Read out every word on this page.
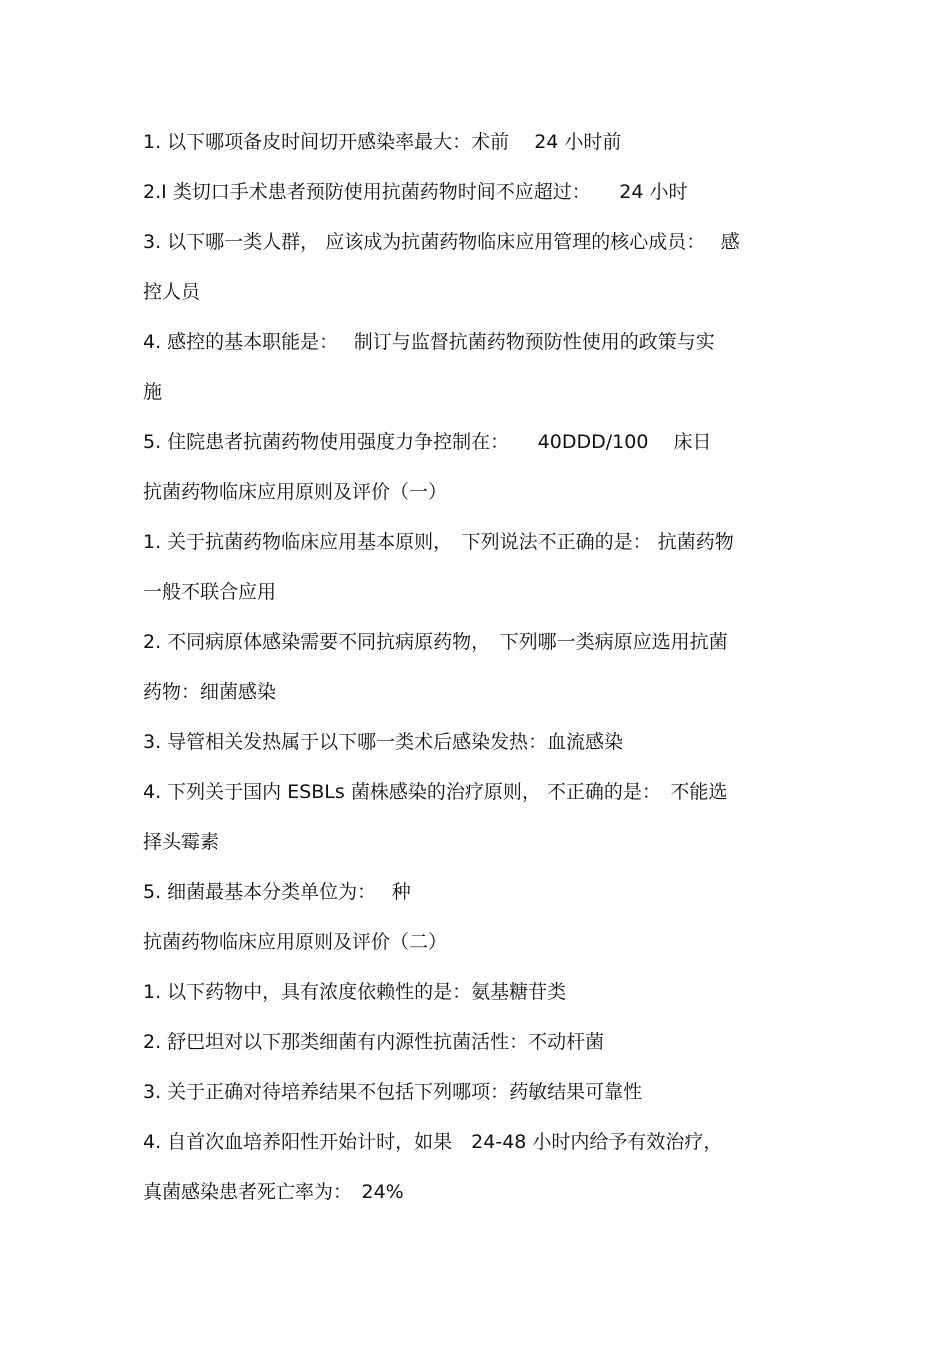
1. 以下哪项备皮时间切开感染率最大：术前　 24 小时前
2.I 类切口手术患者预防使用抗菌药物时间不应超过：　　24 小时
3. 以下哪一类人群， 应该成为抗菌药物临床应用管理的核心成员：　 感
控人员
4. 感控的基本职能是：　 制订与监督抗菌药物预防性使用的政策与实
施
5. 住院患者抗菌药物使用强度力争控制在：　　40DDD/100　 床日
抗菌药物临床应用原则及评价（一）
1. 关于抗菌药物临床应用基本原则，　下列说法不正确的是： 抗菌药物
一般不联合应用
2. 不同病原体感染需要不同抗病原药物，　下列哪一类病原应选用抗菌
药物：细菌感染
3. 导管相关发热属于以下哪一类术后感染发热：血流感染
4. 下列关于国内 ESBLs 菌株感染的治疗原则， 不正确的是：　不能选
择头霉素
5. 细菌最基本分类单位为：　 种
抗菌药物临床应用原则及评价（二）
1. 以下药物中，具有浓度依赖性的是：氨基糖苷类
2. 舒巴坦对以下那类细菌有内源性抗菌活性：不动杆菌
3. 关于正确对待培养结果不包括下列哪项：药敏结果可靠性
4. 自首次血培养阳性开始计时，如果　24-48 小时内给予有效治疗，
真菌感染患者死亡率为：　24%
